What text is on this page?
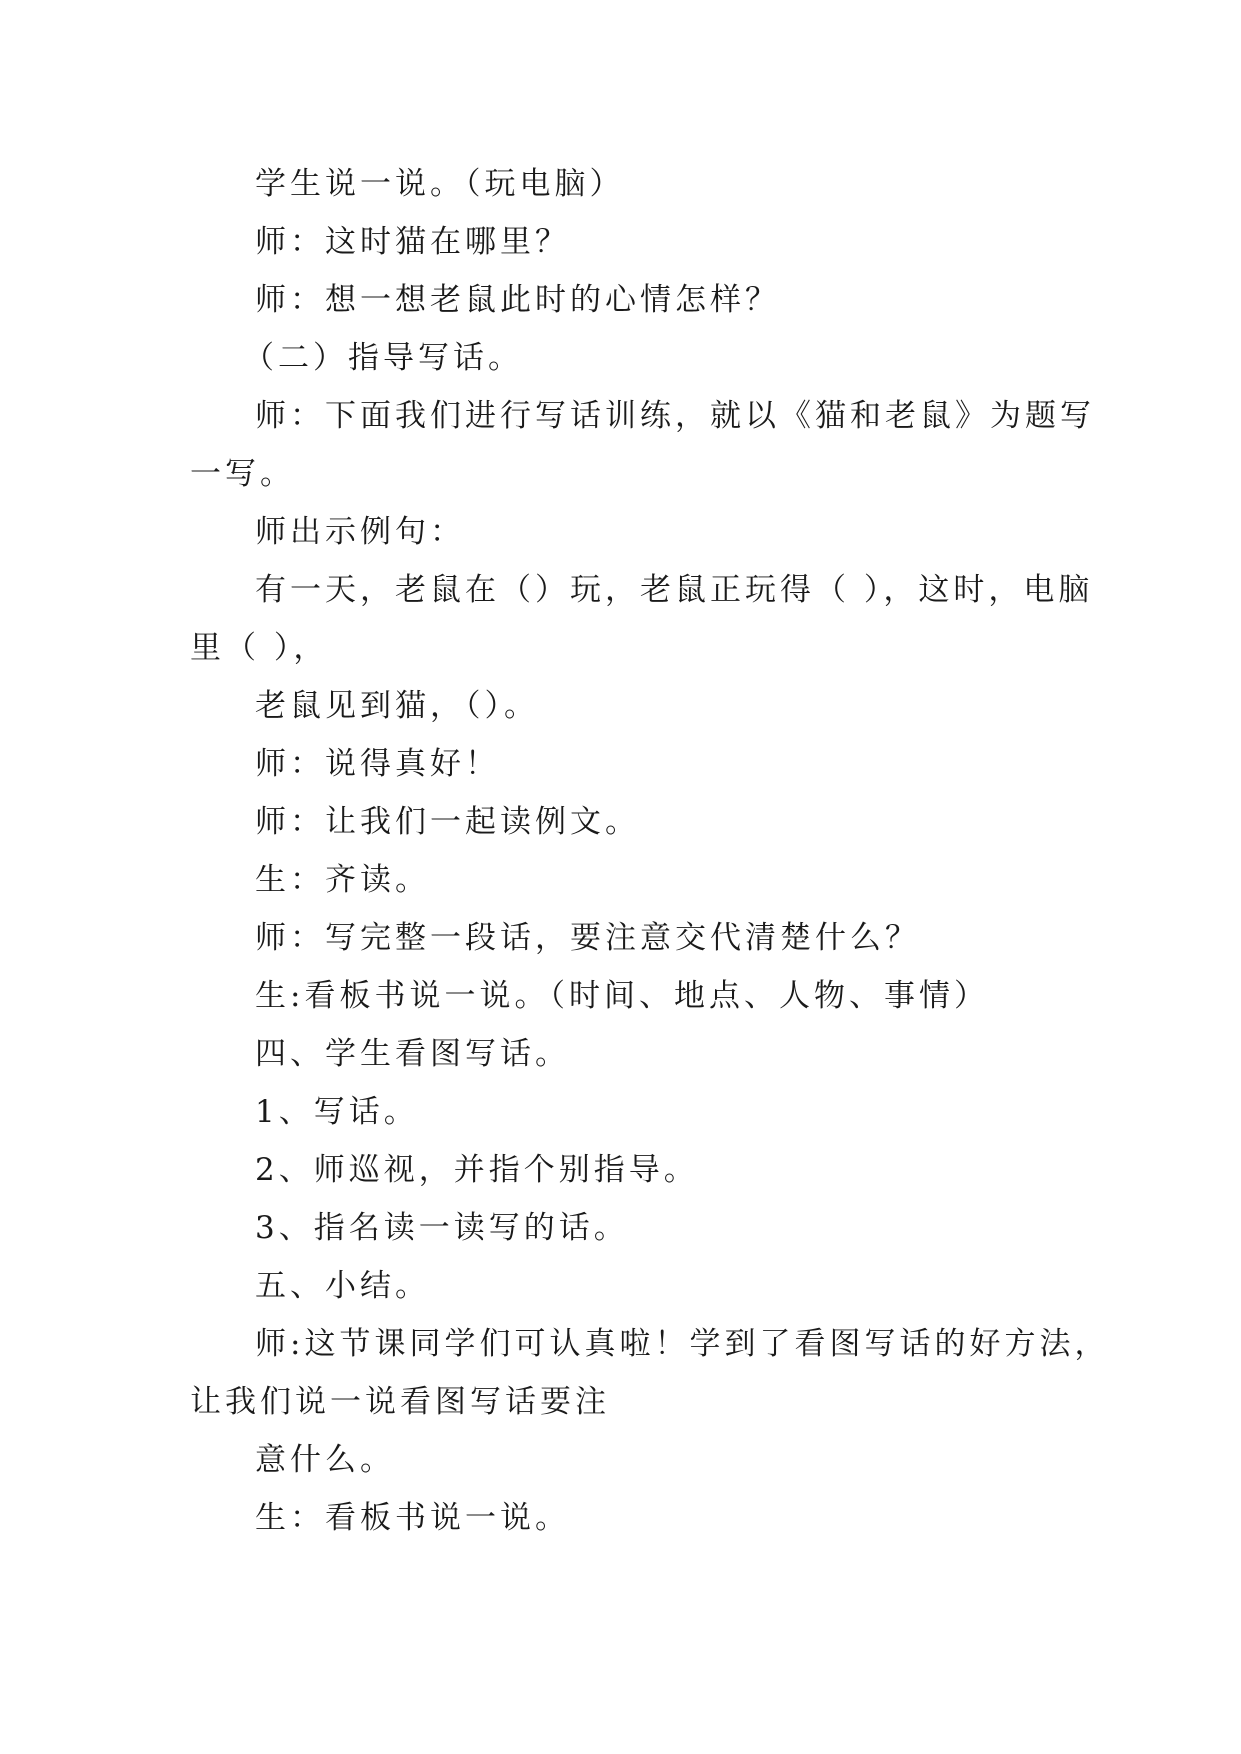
学生说一说。（玩电脑）
师：这时猫在哪里？
师：想一想老鼠此时的心情怎样？
（二）指导写话。
师：下面我们进行写话训练，就以《猫和老鼠》为题写
一写。
师出示例句：
有一天，老鼠在（）玩，老鼠正玩得（ ），这时，电脑
里（ ），
老鼠见到猫，（）。
师：说得真好！
师：让我们一起读例文。
生：齐读。
师：写完整一段话，要注意交代清楚什么？
生:看板书说一说。（时间、地点、人物、事情）
四、学生看图写话。
1、写话。
2、师巡视，并指个别指导。
3、指名读一读写的话。
五、小结。
师:这节课同学们可认真啦！学到了看图写话的好方法，
让我们说一说看图写话要注
意什么。
生：看板书说一说。
